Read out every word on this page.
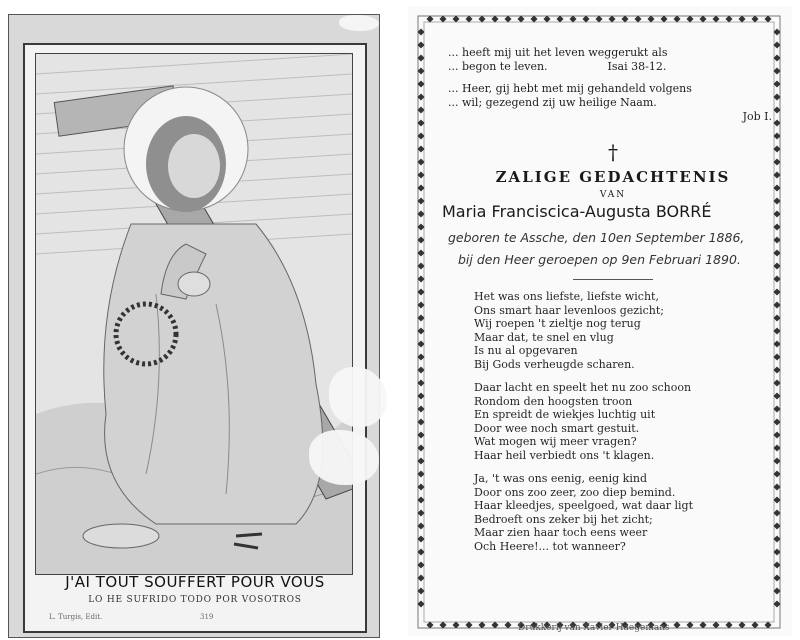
J'AI TOUT SOUFFERT POUR VOUS
LO HE SUFRIDO TODO POR VOSOTROS
L. Turgis, Edit.	319

... heeft mij uit het leven weggerukt als

... begon te leven.	Isai 38-12.

... Heer, gij hebt met mij gehandeld volgens

... wil; gezegend zij uw heilige Naam.

Job I.

†
ZALIGE GEDACHTENIS
VAN
Maria Franciscica-Augusta BORRÉ
geboren te Assche, den 10en September 1886,
bij den Heer geroepen op 9en Februari 1890.

Het was ons liefste, liefste wicht,

Ons smart haar levenloos gezicht;

Wij roepen 't zieltje nog terug

Maar dat, te snel en vlug

Is nu al opgevaren

Bij Gods verheugde scharen.

Daar lacht en speelt het nu zoo schoon

Rondom den hoogsten troon

En spreidt de wiekjes luchtig uit

Door wee noch smart gestuit.

Wat mogen wij meer vragen?

Haar heil verbiedt ons 't klagen.

Ja, 't was ons eenig, eenig kind

Door ons zoo zeer, zoo diep bemind.

Haar kleedjes, speelgoed, wat daar ligt

Bedroeft ons zeker bij het zicht;

Maar zien haar toch eens weer

Och Heere!... tot wanneer?

Drukkerij van Xavier Haegemans
